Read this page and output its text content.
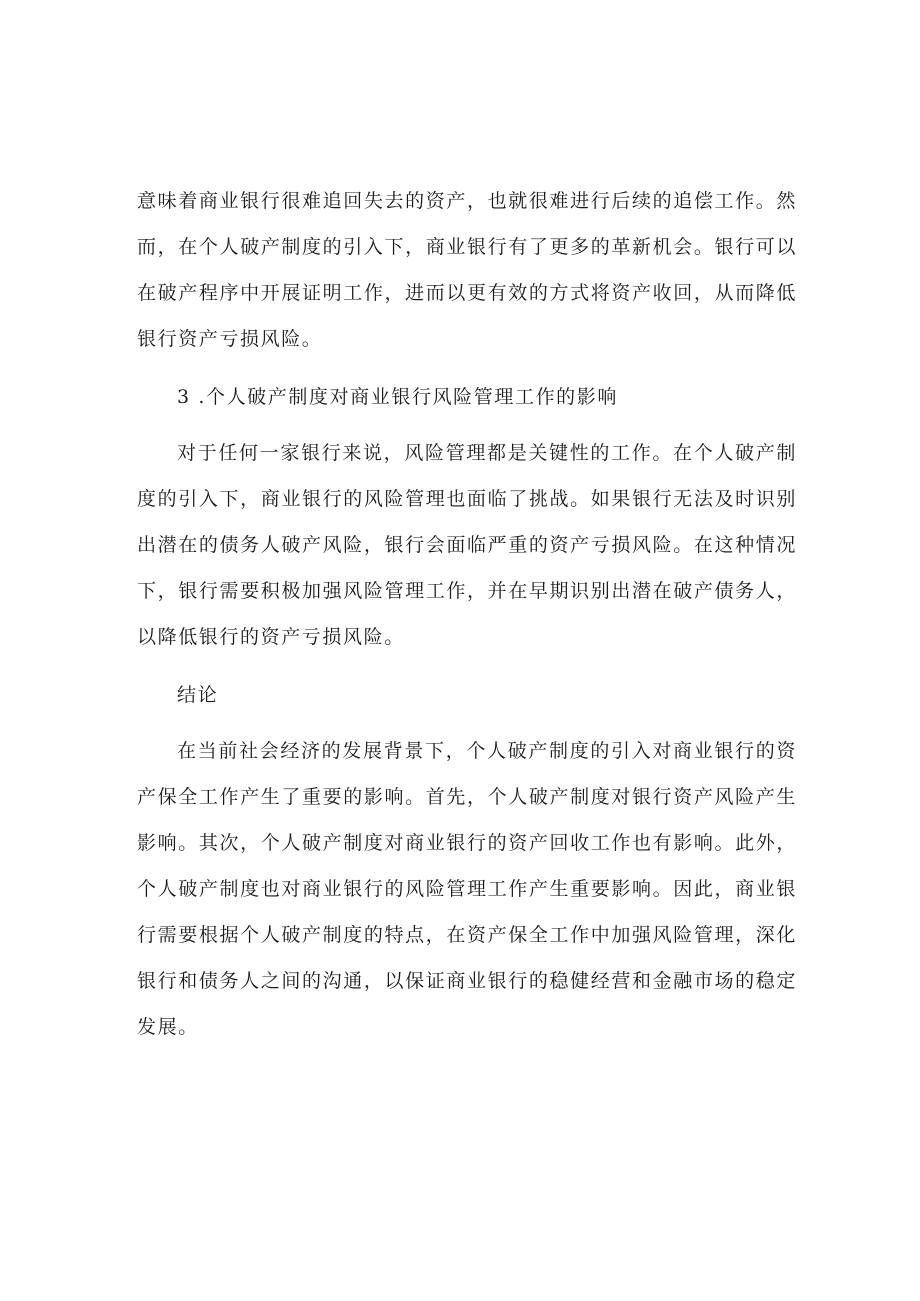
意味着商业银行很难追回失去的资产，也就很难进行后续的追偿工作。然而，在个人破产制度的引入下，商业银行有了更多的革新机会。银行可以在破产程序中开展证明工作，进而以更有效的方式将资产收回，从而降低银行资产亏损风险。

3 .个人破产制度对商业银行风险管理工作的影响

对于任何一家银行来说，风险管理都是关键性的工作。在个人破产制度的引入下，商业银行的风险管理也面临了挑战。如果银行无法及时识别出潜在的债务人破产风险，银行会面临严重的资产亏损风险。在这种情况下，银行需要积极加强风险管理工作，并在早期识别出潜在破产债务人，以降低银行的资产亏损风险。

结论

在当前社会经济的发展背景下，个人破产制度的引入对商业银行的资产保全工作产生了重要的影响。首先，个人破产制度对银行资产风险产生影响。其次，个人破产制度对商业银行的资产回收工作也有影响。此外，个人破产制度也对商业银行的风险管理工作产生重要影响。因此，商业银行需要根据个人破产制度的特点，在资产保全工作中加强风险管理，深化银行和债务人之间的沟通，以保证商业银行的稳健经营和金融市场的稳定发展。
